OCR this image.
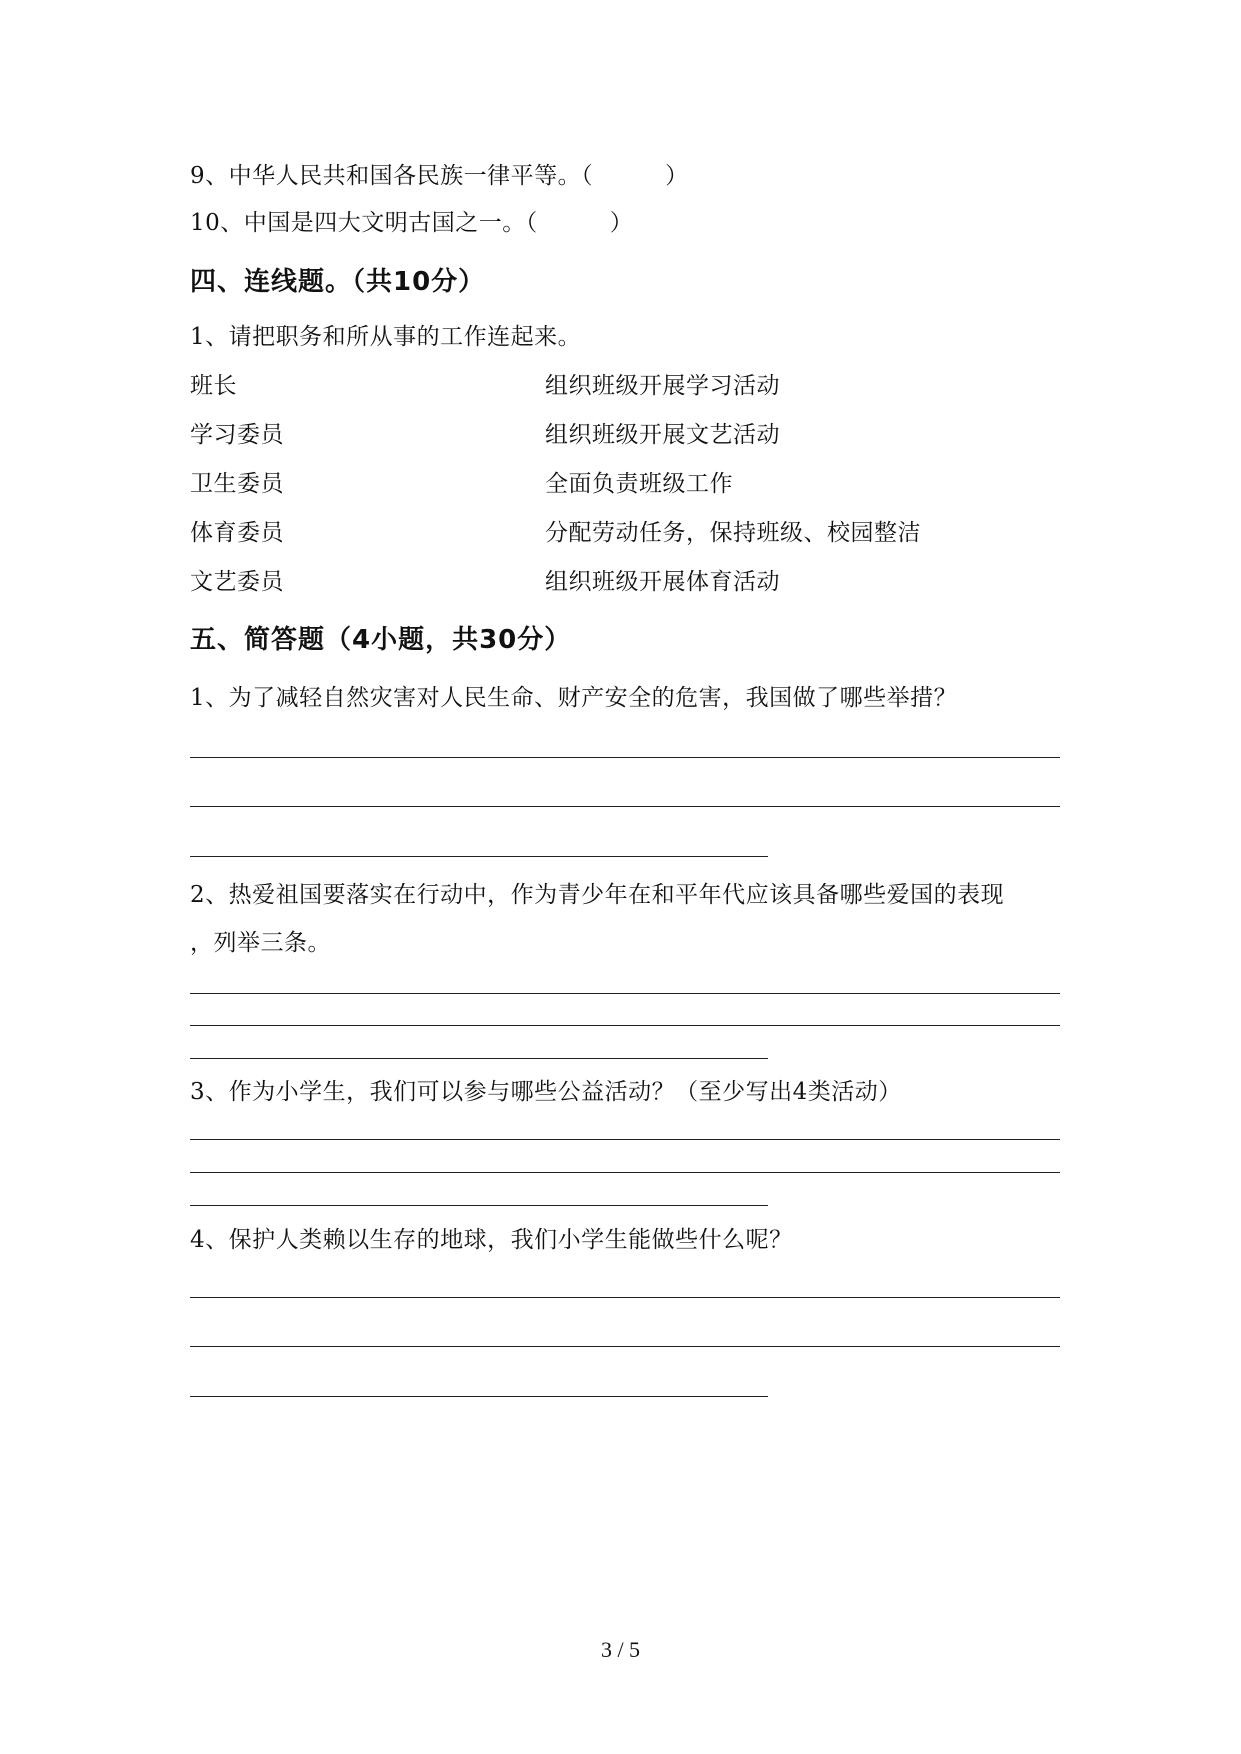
9、中华人民共和国各民族一律平等。（	）
10、中国是四大文明古国之一。（	）
四、连线题。（共10分）
1、请把职务和所从事的工作连起来。
班长	组织班级开展学习活动
学习委员	组织班级开展文艺活动
卫生委员	全面负责班级工作
体育委员	分配劳动任务，保持班级、校园整洁
文艺委员	组织班级开展体育活动
五、简答题（4小题，共30分）
1、为了减轻自然灾害对人民生命、财产安全的危害，我国做了哪些举措？
2、热爱祖国要落实在行动中，作为青少年在和平年代应该具备哪些爱国的表现
，列举三条。
3、作为小学生，我们可以参与哪些公益活动？（至少写出4类活动）
4、保护人类赖以生存的地球，我们小学生能做些什么呢？
3 / 5
